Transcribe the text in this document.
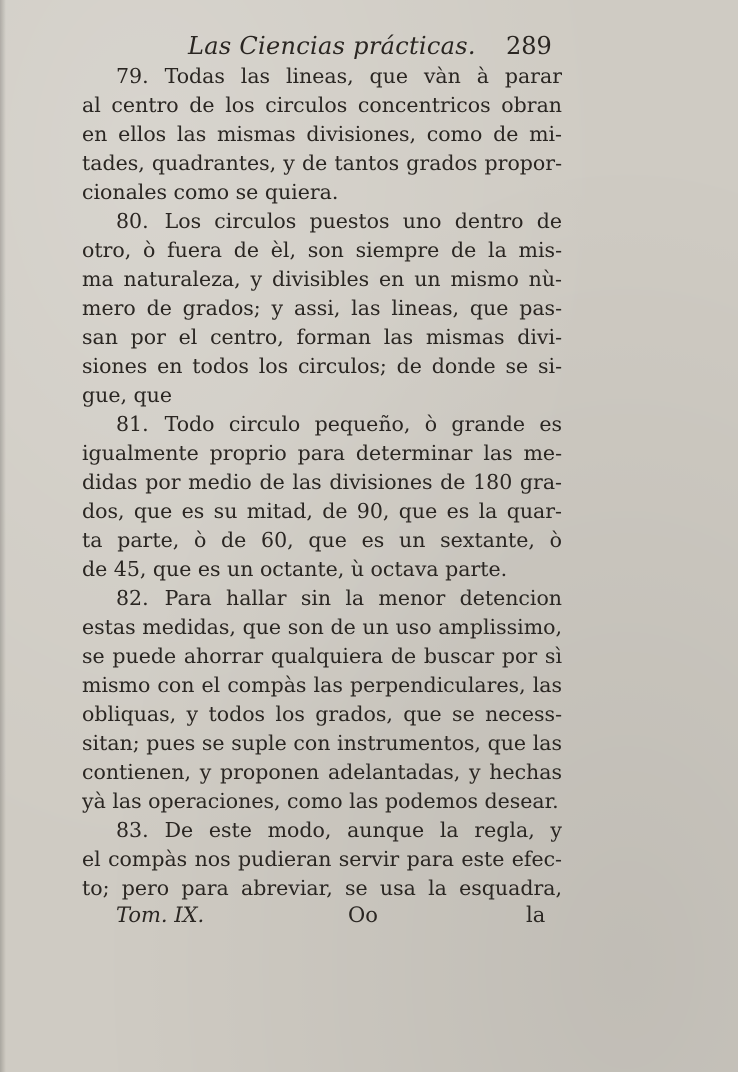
Las Ciencias prácticas. 289
79. Todas las lineas, que vàn à parar
al centro de los circulos concentricos obran
en ellos las mismas divisiones, como de mi-
tades, quadrantes, y de tantos grados propor-
cionales como se quiera.
80. Los circulos puestos uno dentro de
otro, ò fuera de èl, son siempre de la mis-
ma naturaleza, y divisibles en un mismo nù-
mero de grados; y assi, las lineas, que pas-
san por el centro, forman las mismas divi-
siones en todos los circulos; de donde se si-
gue, que
81. Todo circulo pequeño, ò grande es
igualmente proprio para determinar las me-
didas por medio de las divisiones de 180 gra-
dos, que es su mitad, de 90, que es la quar-
ta parte, ò de 60, que es un sextante, ò
de 45, que es un octante, ù octava parte.
82. Para hallar sin la menor detencion
estas medidas, que son de un uso amplissimo,
se puede ahorrar qualquiera de buscar por sì
mismo con el compàs las perpendiculares, las
obliquas, y todos los grados, que se necess-
sitan; pues se suple con instrumentos, que las
contienen, y proponen adelantadas, y hechas
yà las operaciones, como las podemos desear.
83. De este modo, aunque la regla, y
el compàs nos pudieran servir para este efec-
to; pero para abreviar, se usa la esquadra,
Tom. IX.	Oo	la
